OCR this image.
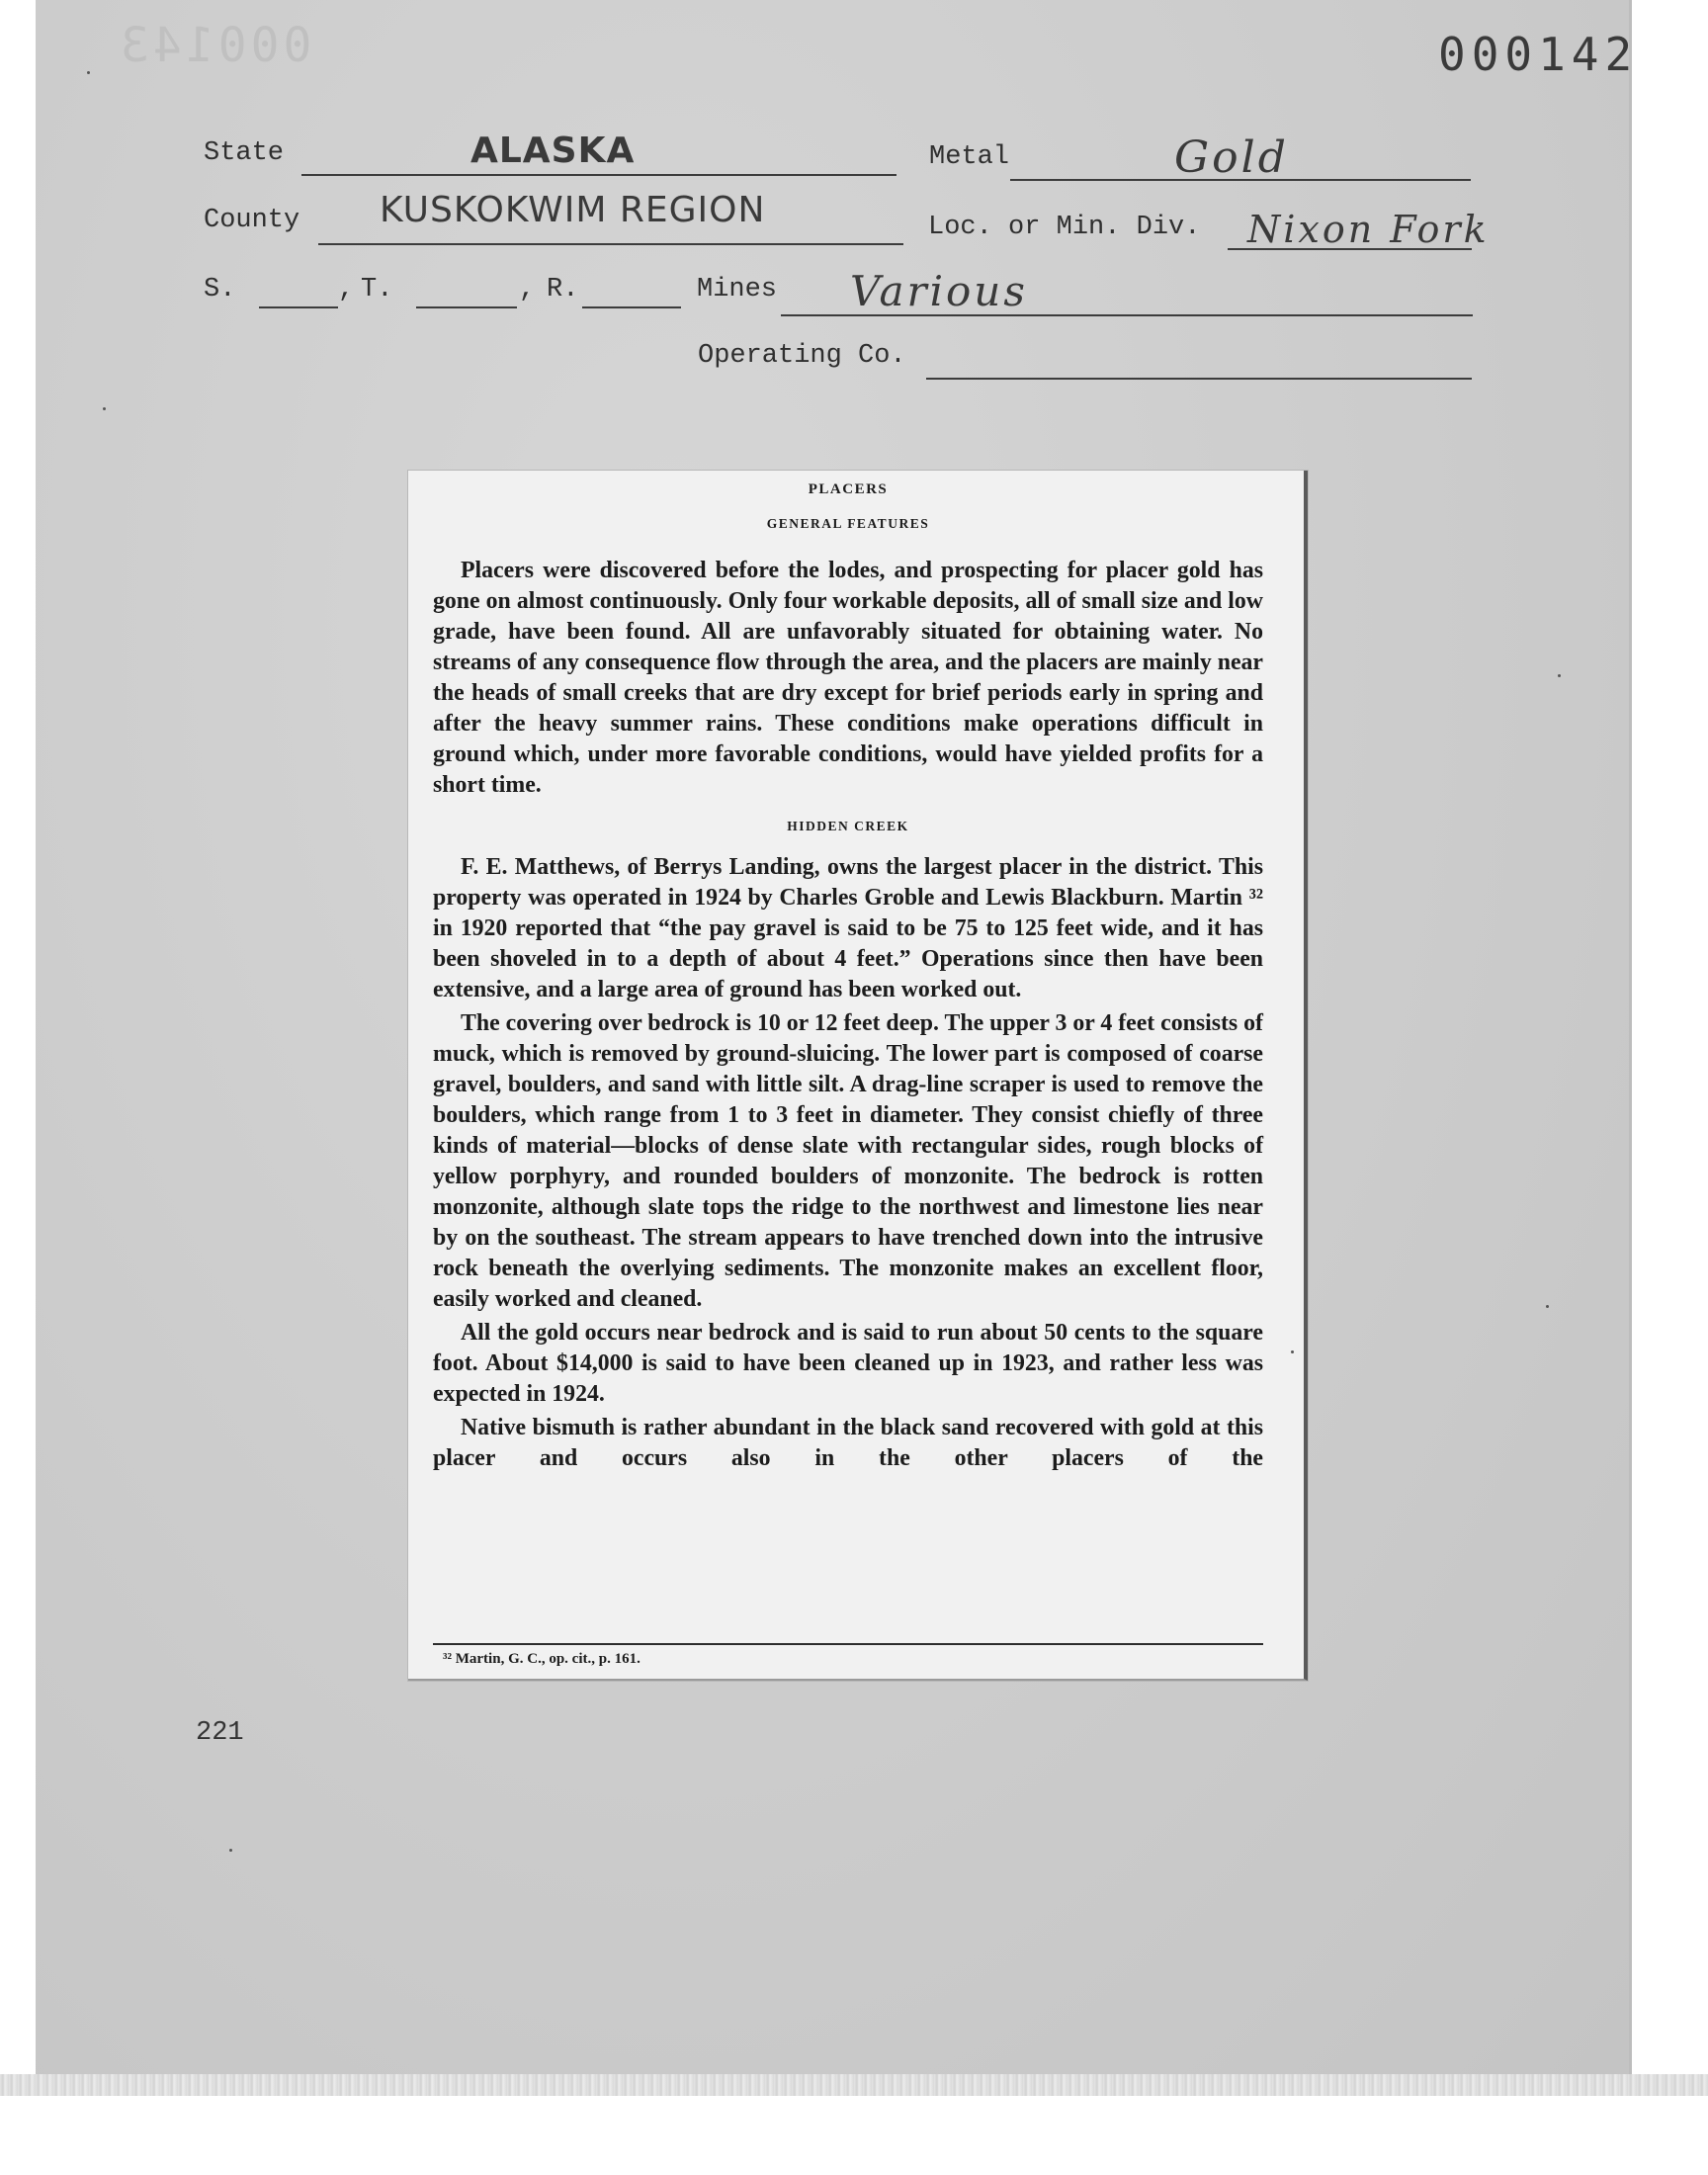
000143	000142
State	ALASKA	Metal	Gold
County KUSKOKWIM REGION	Loc. or Min. Div. Nixon Fork
S.	, T.	, R.	Mines Various
Operating Co.
PLACERS
GENERAL FEATURES

Placers were discovered before the lodes, and prospecting for placer gold has gone on almost continuously. Only four workable deposits, all of small size and low grade, have been found. All are unfavorably situated for obtaining water. No streams of any consequence flow through the area, and the placers are mainly near the heads of small creeks that are dry except for brief periods early in spring and after the heavy summer rains. These conditions make operations difficult in ground which, under more favorable conditions, would have yielded profits for a short time.

HIDDEN CREEK

F. E. Matthews, of Berrys Landing, owns the largest placer in the district. This property was operated in 1924 by Charles Groble and Lewis Blackburn. Martin ³² in 1920 reported that “the pay gravel is said to be 75 to 125 feet wide, and it has been shoveled in to a depth of about 4 feet.” Operations since then have been extensive, and a large area of ground has been worked out.

The covering over bedrock is 10 or 12 feet deep. The upper 3 or 4 feet consists of muck, which is removed by ground-sluicing. The lower part is composed of coarse gravel, boulders, and sand with little silt. A drag-line scraper is used to remove the boulders, which range from 1 to 3 feet in diameter. They consist chiefly of three kinds of material—blocks of dense slate with rectangular sides, rough blocks of yellow porphyry, and rounded boulders of monzonite. The bedrock is rotten monzonite, although slate tops the ridge to the northwest and limestone lies near by on the southeast. The stream appears to have trenched down into the intrusive rock beneath the overlying sediments. The monzonite makes an excellent floor, easily worked and cleaned.

All the gold occurs near bedrock and is said to run about 50 cents to the square foot. About $14,000 is said to have been cleaned up in 1923, and rather less was expected in 1924.

Native bismuth is rather abundant in the black sand recovered with gold at this placer and occurs also in the other placers of the

³² Martin, G. C., op. cit., p. 161.
221
